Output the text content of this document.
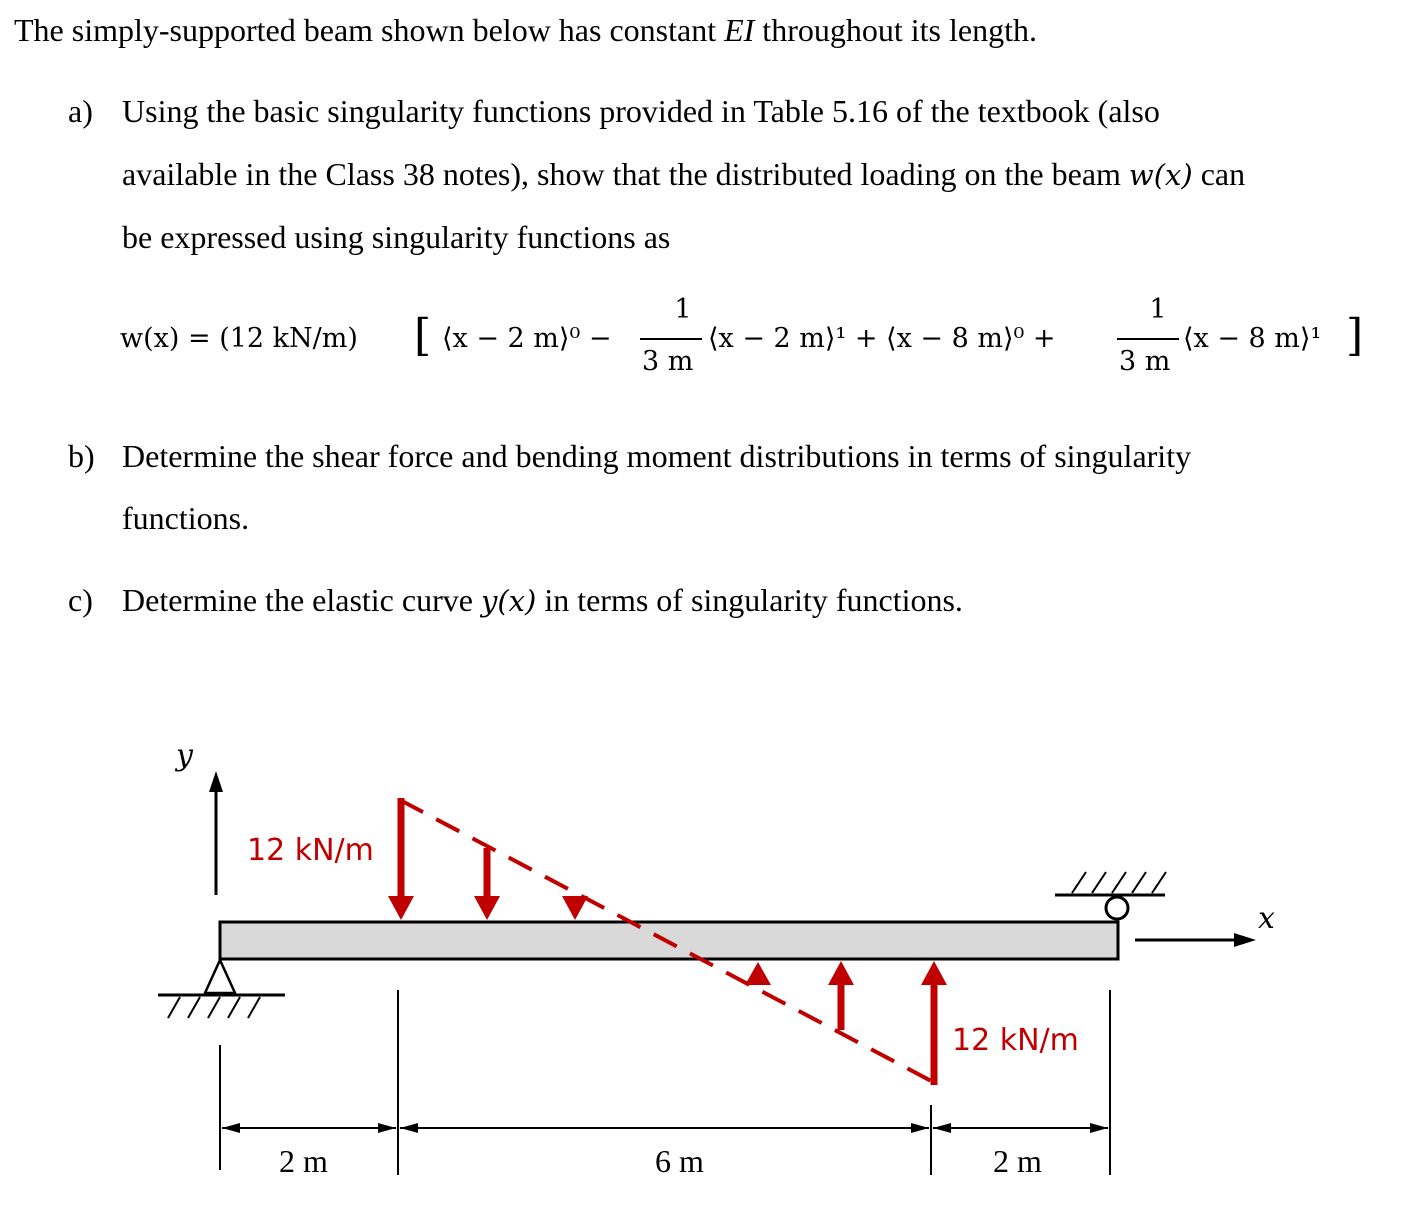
The simply-supported beam shown below has constant EI throughout its length.
a) Using the basic singularity functions provided in Table 5.16 of the textbook (also
available in the Class 38 notes), show that the distributed loading on the beam w(x) can
be expressed using singularity functions as
w(x) = (12 kN/m) [ ⟨x − 2 m⟩⁰ −
1
3 m
⟨x − 2 m⟩¹ + ⟨x − 8 m⟩⁰ +
1
3 m
⟨x − 8 m⟩¹ ]
b) Determine the shear force and bending moment distributions in terms of singularity
functions.
c) Determine the elastic curve y(x) in terms of singularity functions.
y
x
12 kN/m
12 kN/m
2 m	6 m	2 m
